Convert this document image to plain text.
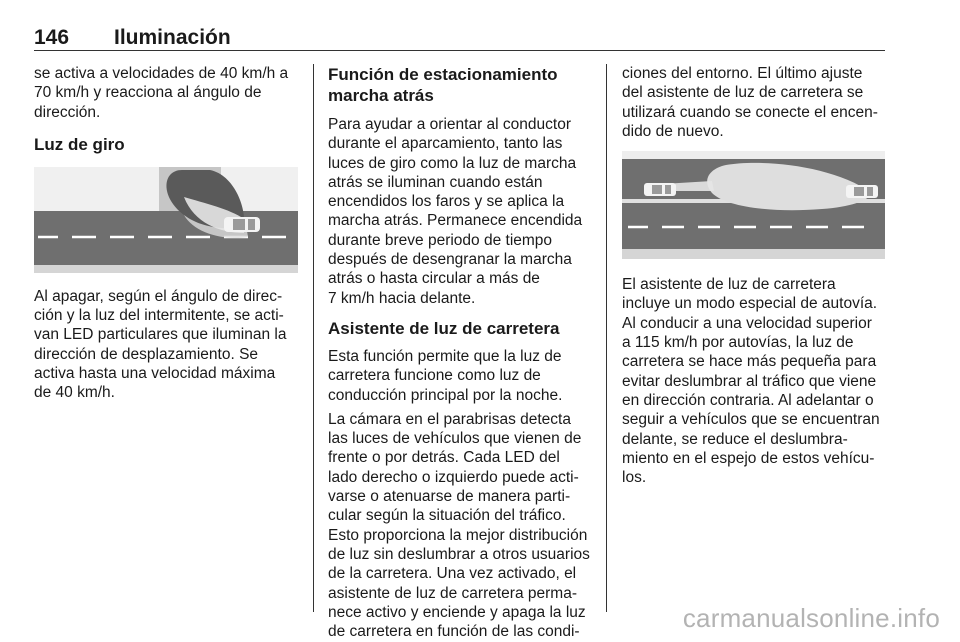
146 Iluminación

se activa a velocidades de 40 km/h a
70 km/h y reacciona al ángulo de
dirección.

Luz de giro

Al apagar, según el ángulo de direc‐
ción y la luz del intermitente, se acti‐
van LED particulares que iluminan la
dirección de desplazamiento. Se
activa hasta una velocidad máxima
de 40 km/h.

Función de estacionamiento
marcha atrás

Para ayudar a orientar al conductor
durante el aparcamiento, tanto las
luces de giro como la luz de marcha
atrás se iluminan cuando están
encendidos los faros y se aplica la
marcha atrás. Permanece encendida
durante breve periodo de tiempo
después de desengranar la marcha
atrás o hasta circular a más de
7 km/h hacia delante.

Asistente de luz de carretera

Esta función permite que la luz de
carretera funcione como luz de
conducción principal por la noche.

La cámara en el parabrisas detecta
las luces de vehículos que vienen de
frente o por detrás. Cada LED del
lado derecho o izquierdo puede acti‐
varse o atenuarse de manera parti‐
cular según la situación del tráfico.
Esto proporciona la mejor distribución
de luz sin deslumbrar a otros usuarios
de la carretera. Una vez activado, el
asistente de luz de carretera perma‐
nece activo y enciende y apaga la luz
de carretera en función de las condi‐

ciones del entorno. El último ajuste
del asistente de luz de carretera se
utilizará cuando se conecte el encen‐
dido de nuevo.

El asistente de luz de carretera
incluye un modo especial de autovía.
Al conducir a una velocidad superior
a 115 km/h por autovías, la luz de
carretera se hace más pequeña para
evitar deslumbrar al tráfico que viene
en dirección contraria. Al adelantar o
seguir a vehículos que se encuentran
delante, se reduce el deslumbra‐
miento en el espejo de estos vehícu‐
los.

carmanualsonline.info
